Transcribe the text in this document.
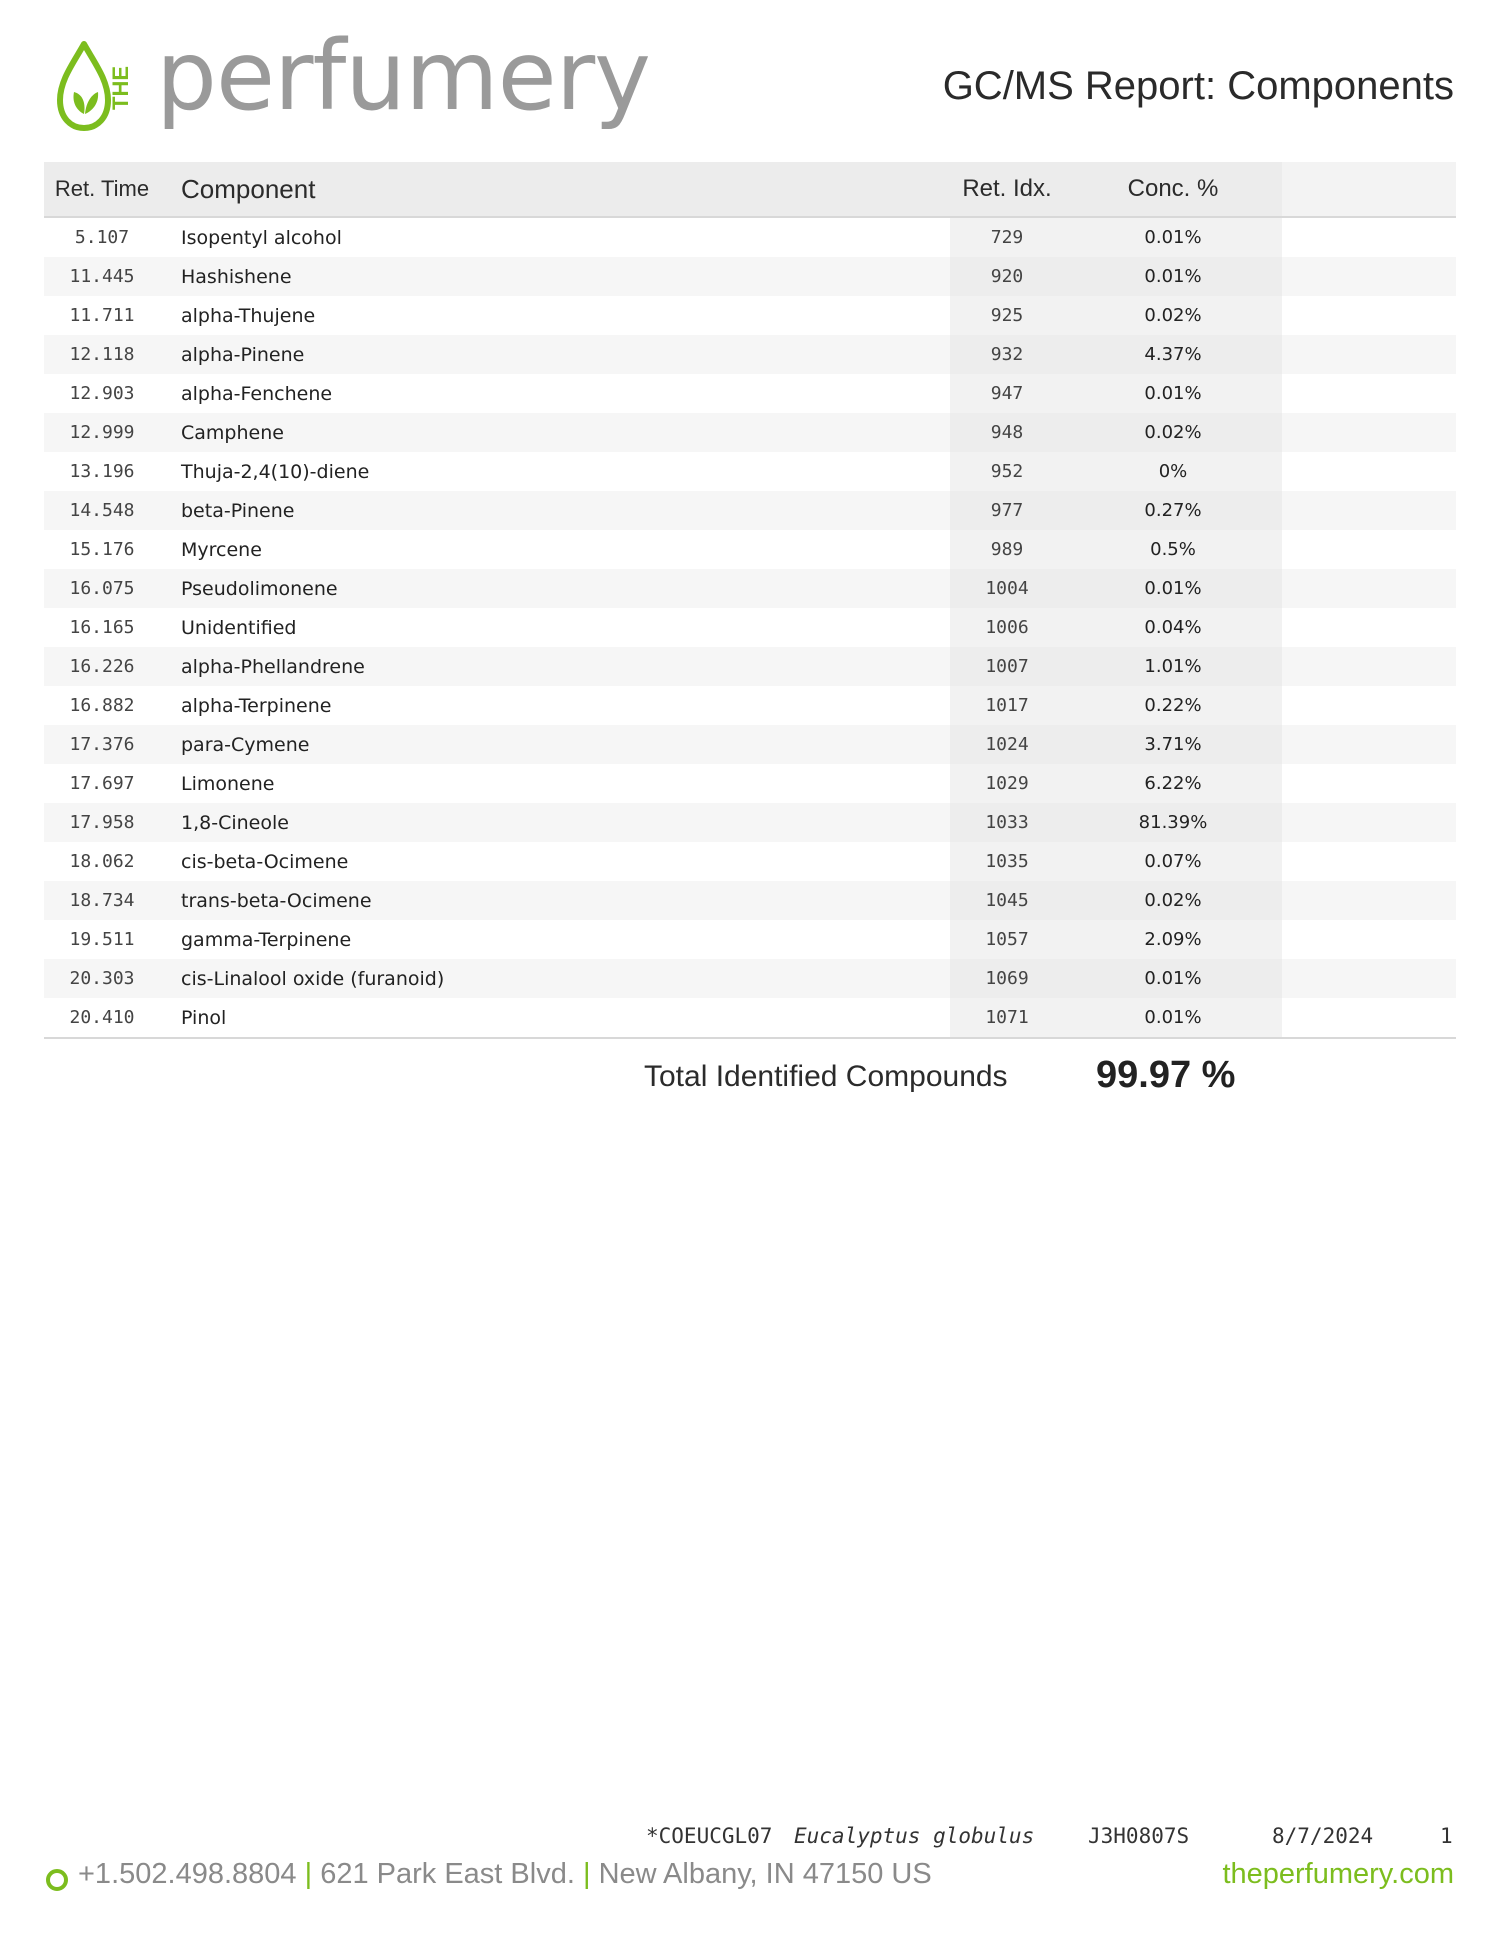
THE perfumery	GC/MS Report: Components
Ret. Time	Component	Ret. Idx.	Conc. %	
5.107	Isopentyl alcohol	729	0.01%	
11.445	Hashishene	920	0.01%	
11.711	alpha-Thujene	925	0.02%	
12.118	alpha-Pinene	932	4.37%	
12.903	alpha-Fenchene	947	0.01%	
12.999	Camphene	948	0.02%	
13.196	Thuja-2,4(10)-diene	952	0%	
14.548	beta-Pinene	977	0.27%	
15.176	Myrcene	989	0.5%	
16.075	Pseudolimonene	1004	0.01%	
16.165	Unidentified	1006	0.04%	
16.226	alpha-Phellandrene	1007	1.01%	
16.882	alpha-Terpinene	1017	0.22%	
17.376	para-Cymene	1024	3.71%	
17.697	Limonene	1029	6.22%	
17.958	1,8-Cineole	1033	81.39%	
18.062	cis-beta-Ocimene	1035	0.07%	
18.734	trans-beta-Ocimene	1045	0.02%	
19.511	gamma-Terpinene	1057	2.09%	
20.303	cis-Linalool oxide (furanoid)	1069	0.01%	
20.410	Pinol	1071	0.01%	
Total Identified Compounds 99.97 %
*COEUCGL07 Eucalyptus globulus	J3H0807S	8/7/2024	1
+1.502.498.8804 | 621 Park East Blvd. | New Albany, IN 47150 US	theperfumery.com
